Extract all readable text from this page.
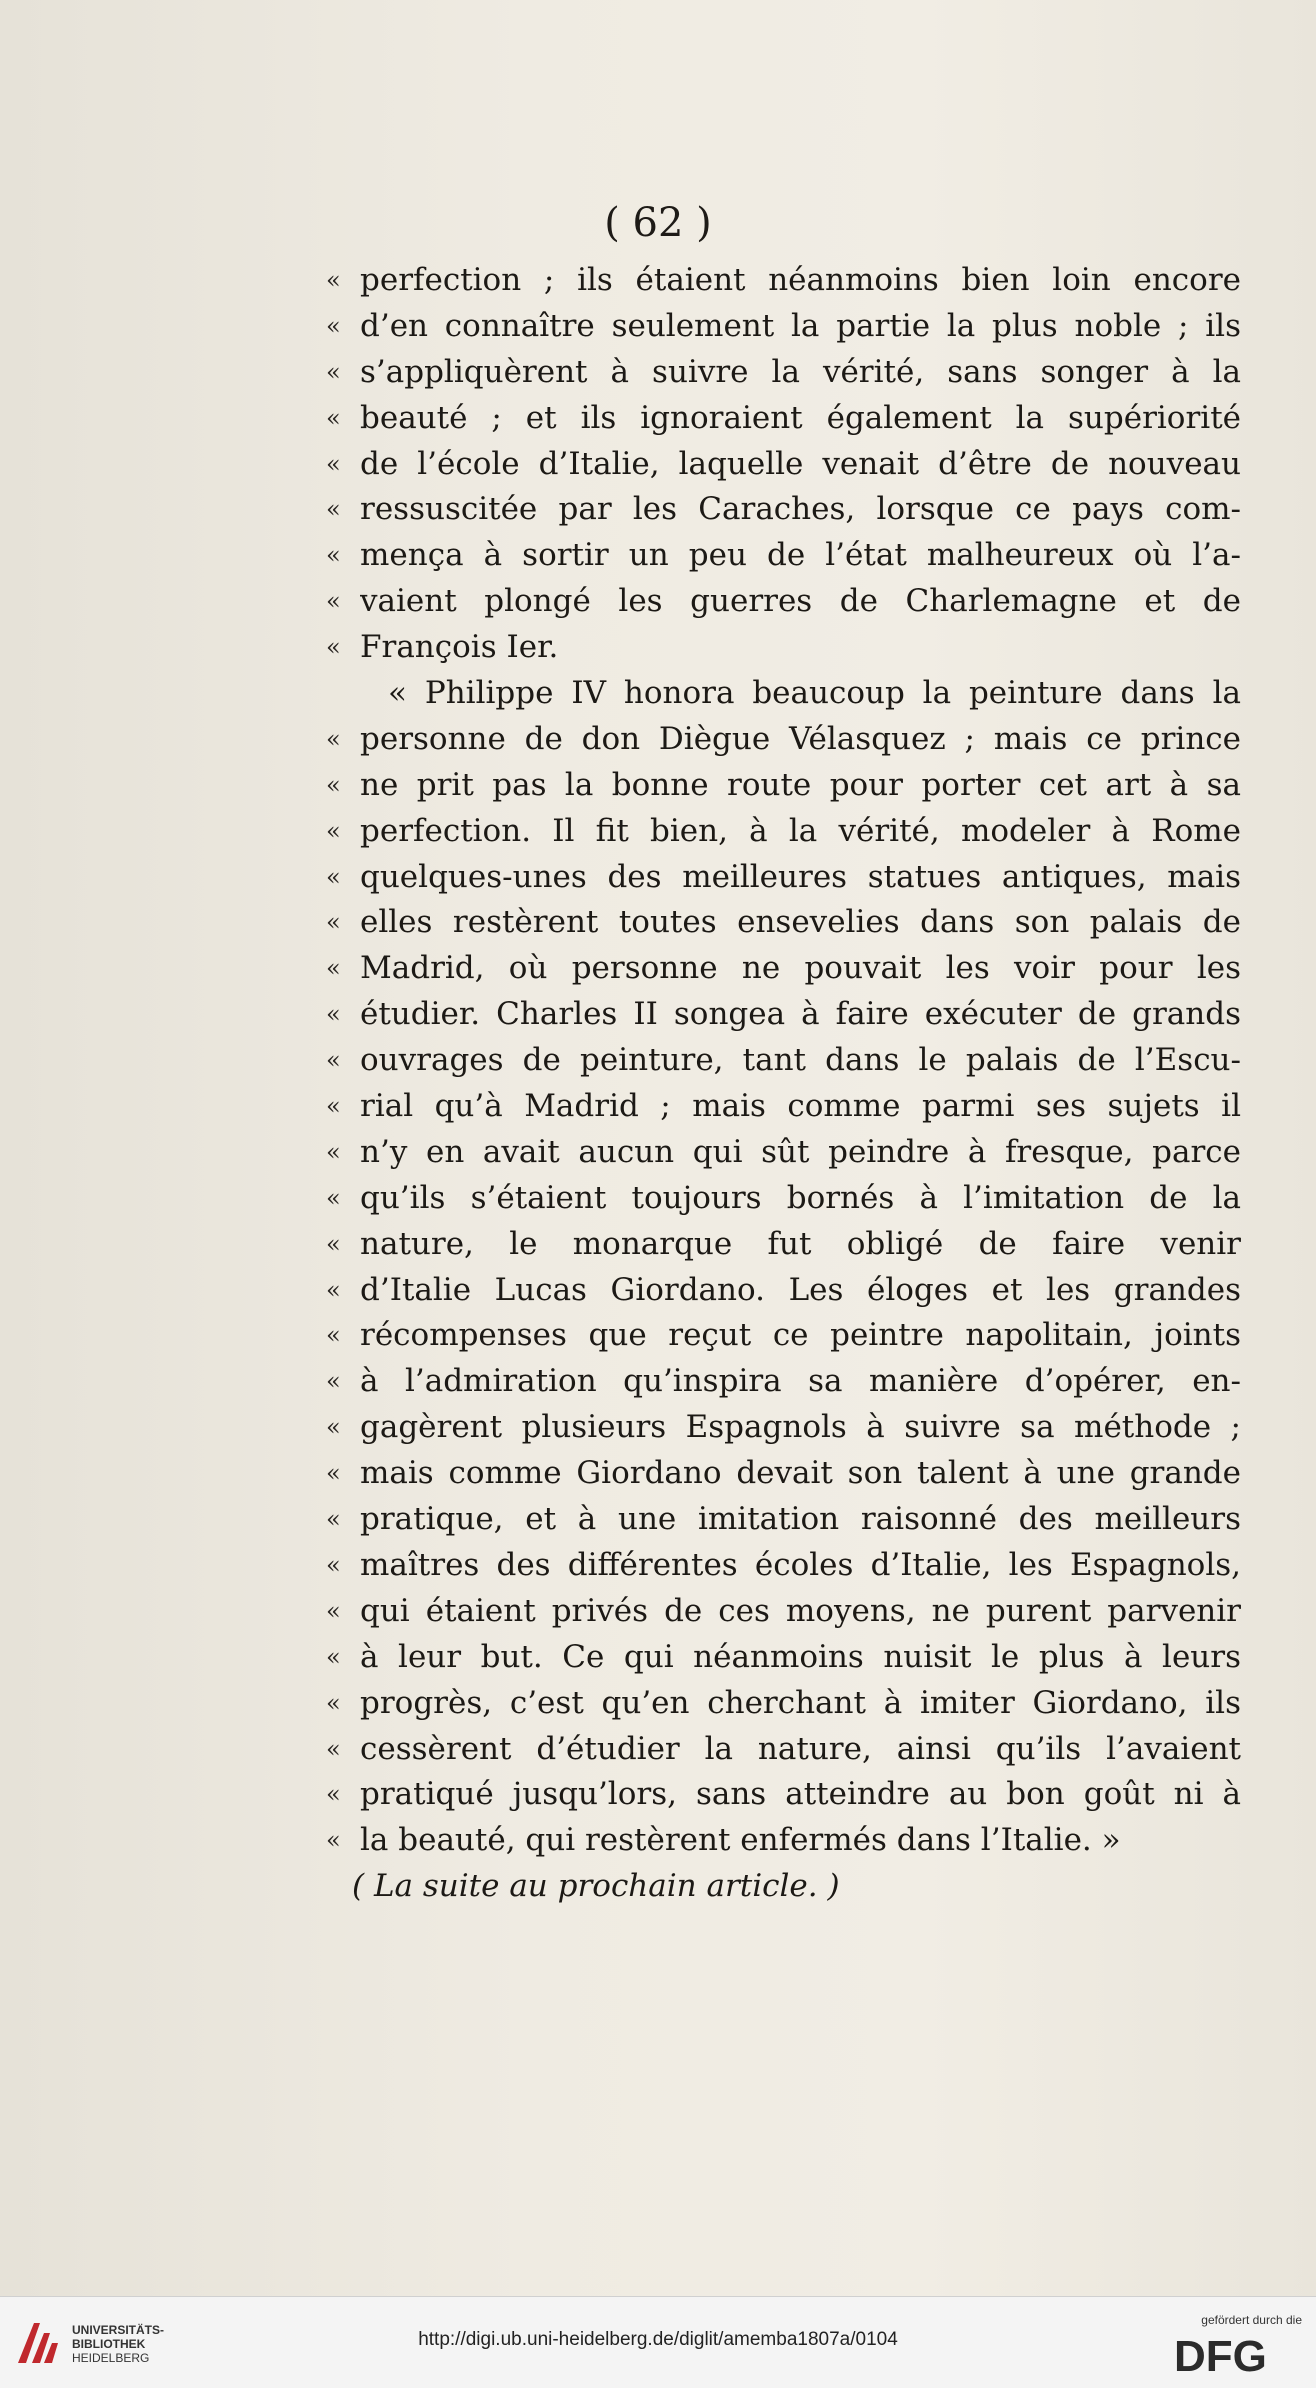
( 62 )
« perfection ; ils étaient néanmoins bien loin encore
« d’en connaître seulement la partie la plus noble ; ils
« s’appliquèrent à suivre la vérité, sans songer à la
« beauté ; et ils ignoraient également la supériorité
« de l’école d’Italie, laquelle venait d’être de nouveau
« ressuscitée par les Caraches, lorsque ce pays com-
« mença à sortir un peu de l’état malheureux où l’a-
« vaient plongé les guerres de Charlemagne et de
« François Ier.
« Philippe IV honora beaucoup la peinture dans la
« personne de don Diègue Vélasquez ; mais ce prince
« ne prit pas la bonne route pour porter cet art à sa
« perfection. Il fit bien, à la vérité, modeler à Rome
« quelques-unes des meilleures statues antiques, mais
« elles restèrent toutes ensevelies dans son palais de
« Madrid, où personne ne pouvait les voir pour les
« étudier. Charles II songea à faire exécuter de grands
« ouvrages de peinture, tant dans le palais de l’Escu-
« rial qu’à Madrid ; mais comme parmi ses sujets il
« n’y en avait aucun qui sût peindre à fresque, parce
« qu’ils s’étaient toujours bornés à l’imitation de la
« nature, le monarque fut obligé de faire venir
« d’Italie Lucas Giordano. Les éloges et les grandes
« récompenses que reçut ce peintre napolitain, joints
« à l’admiration qu’inspira sa manière d’opérer, en-
« gagèrent plusieurs Espagnols à suivre sa méthode ;
« mais comme Giordano devait son talent à une grande
« pratique, et à une imitation raisonné des meilleurs
« maîtres des différentes écoles d’Italie, les Espagnols,
« qui étaient privés de ces moyens, ne purent parvenir
« à leur but. Ce qui néanmoins nuisit le plus à leurs
« progrès, c’est qu’en cherchant à imiter Giordano, ils
« cessèrent d’étudier la nature, ainsi qu’ils l’avaient
« pratiqué jusqu’lors, sans atteindre au bon goût ni à
« la beauté, qui restèrent enfermés dans l’Italie. »
( La suite au prochain article. )
UNIVERSITÄTS-
BIBLIOTHEK
HEIDELBERG
http://digi.ub.uni-heidelberg.de/diglit/amemba1807a/0104
gefördert durch die
DFG
